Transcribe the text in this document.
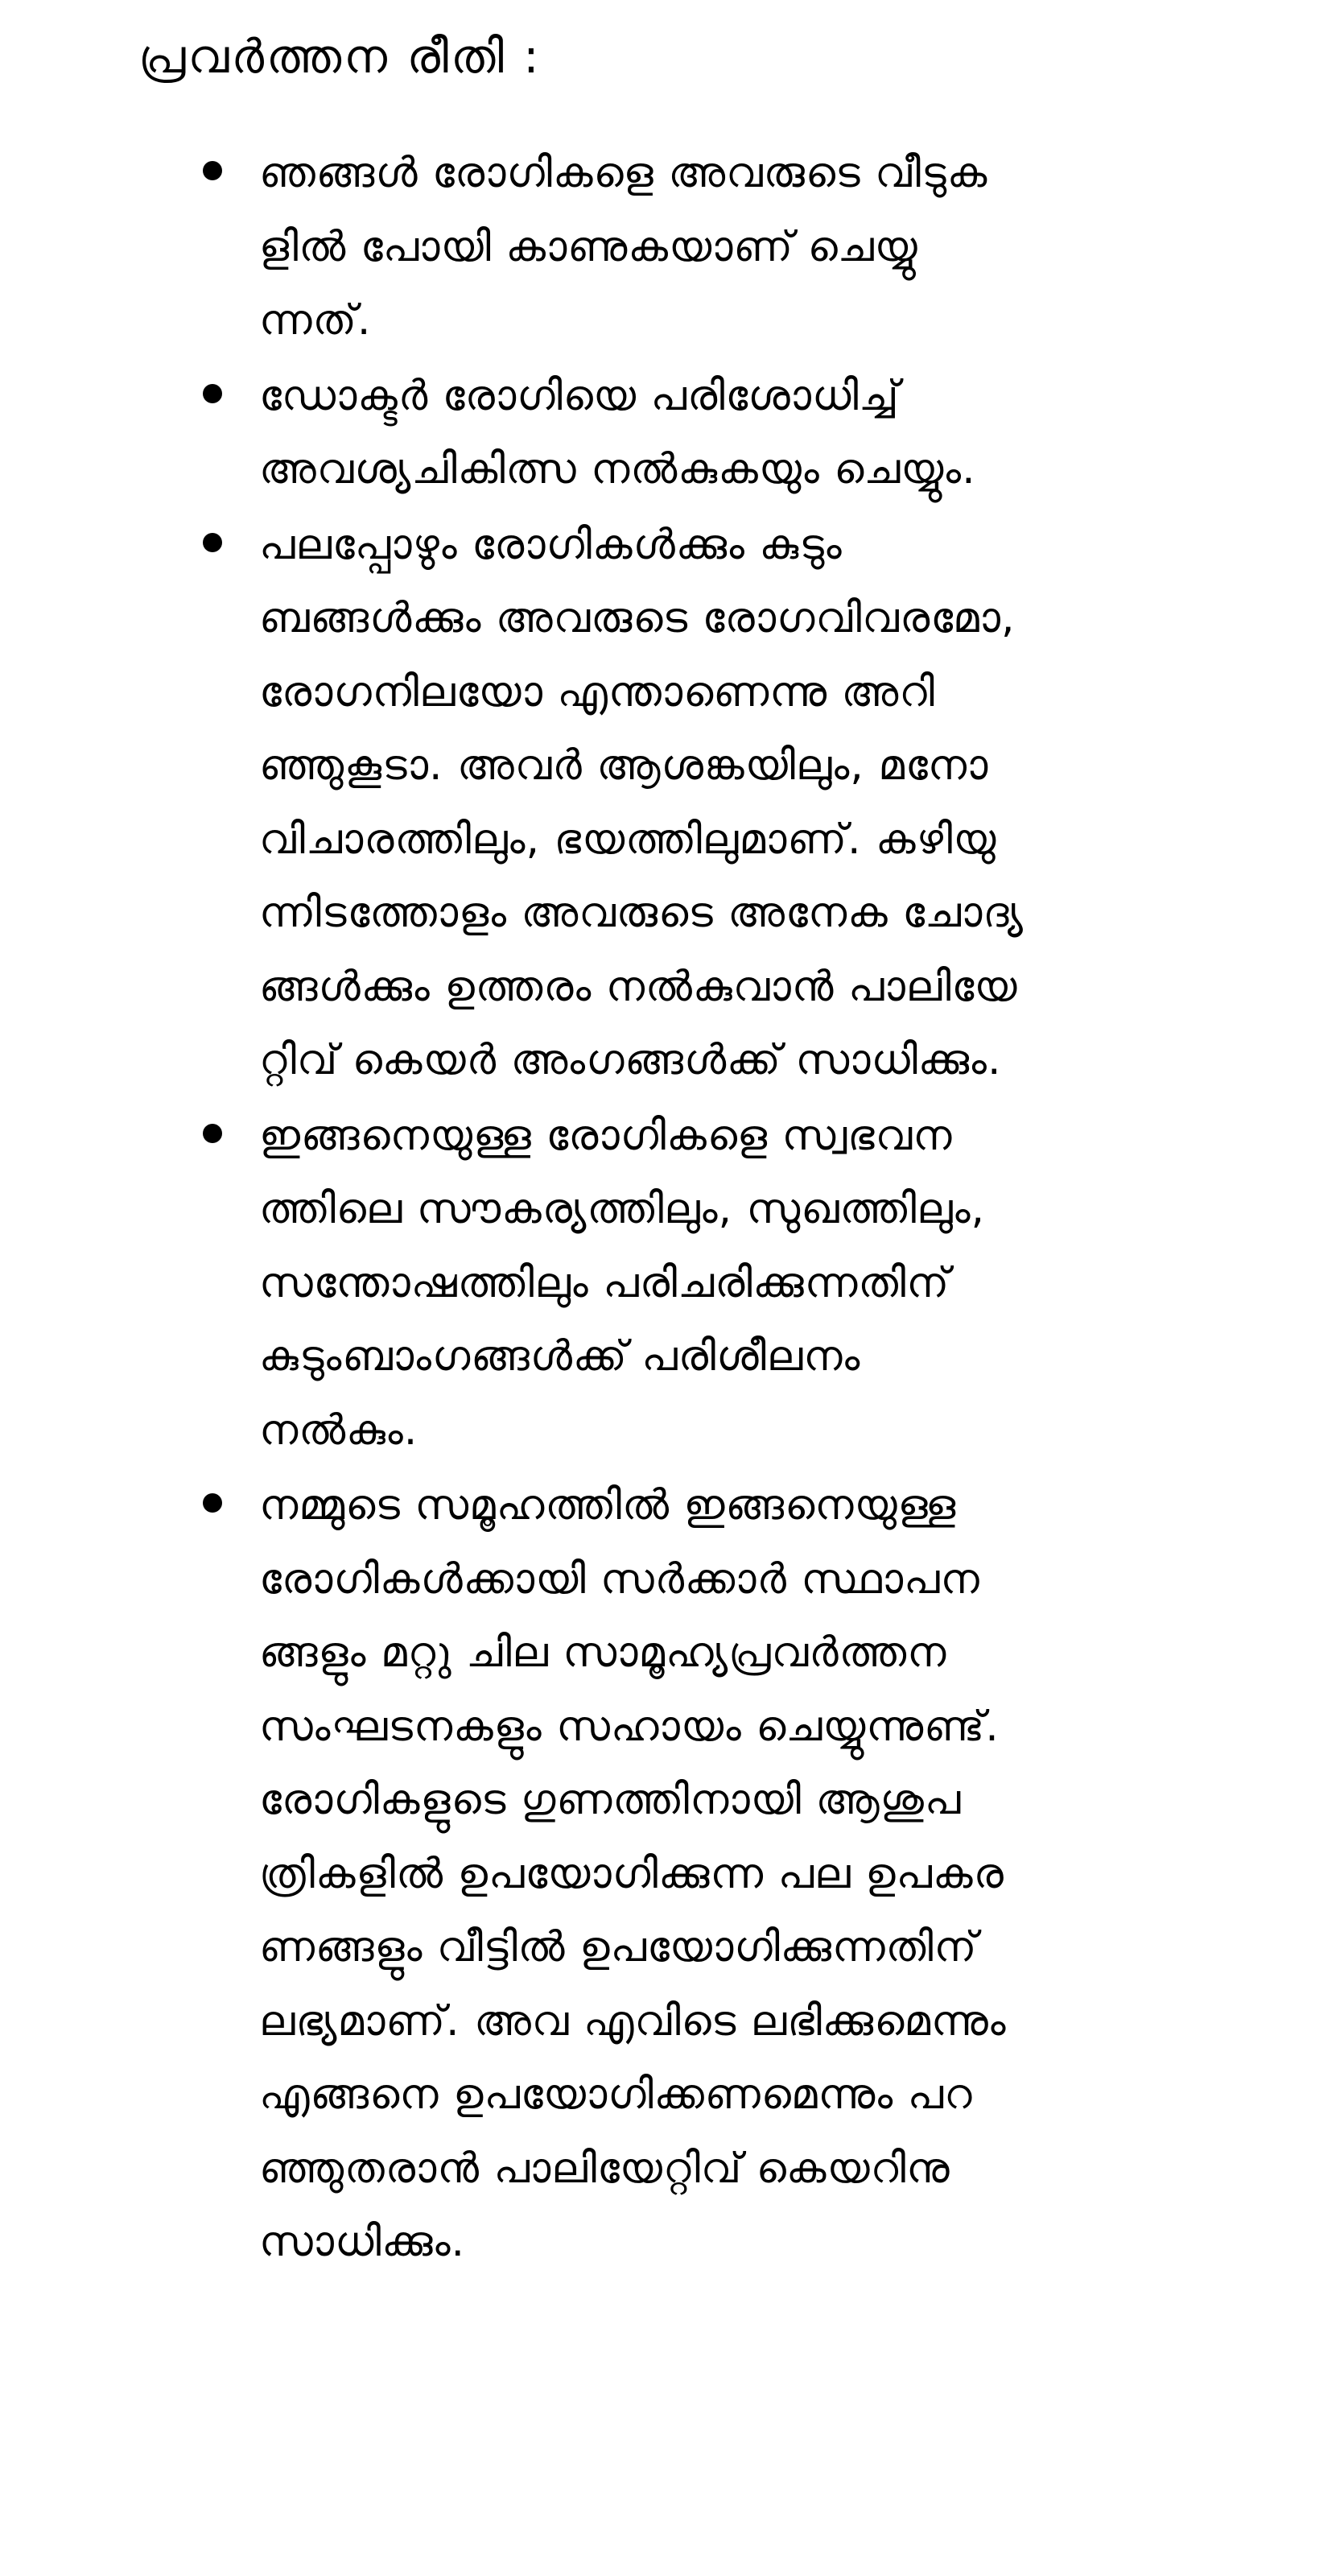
പ്രവർത്തന രീതി :
ഞങ്ങൾ രോഗികളെ അവരുടെ വീടുക
ളിൽ പോയി കാണുകയാണ് ചെയ്യു
ന്നത്.
ഡോക്ടർ രോഗിയെ പരിശോധിച്ച്
അവശ്യചികിത്സ നൽകുകയും ചെയ്യും.
പലപ്പോഴും രോഗികൾക്കും കുടും
ബങ്ങൾക്കും അവരുടെ രോഗവിവരമോ,
രോഗനിലയോ എന്താണെന്നു അറി
ഞ്ഞുകൂടാ. അവർ ആശങ്കയിലും, മനോ
വിചാരത്തിലും, ഭയത്തിലുമാണ്. കഴിയു
ന്നിടത്തോളം അവരുടെ അനേക ചോദ്യ
ങ്ങൾക്കും ഉത്തരം നൽകുവാൻ പാലിയേ
റ്റിവ് കെയർ അംഗങ്ങൾക്ക് സാധിക്കും.
ഇങ്ങനെയുള്ള രോഗികളെ സ്വഭവന
ത്തിലെ സൗകര്യത്തിലും, സുഖത്തിലും,
സന്തോഷത്തിലും പരിചരിക്കുന്നതിന്
കുടുംബാംഗങ്ങൾക്ക് പരിശീലനം
നൽകും.
നമ്മുടെ സമൂഹത്തിൽ ഇങ്ങനെയുള്ള
രോഗികൾക്കായി സർക്കാർ സ്ഥാപന
ങ്ങളും മറ്റു ചില സാമൂഹ്യപ്രവർത്തന
സംഘടനകളും സഹായം ചെയ്യുന്നുണ്ട്.
രോഗികളുടെ ഗുണത്തിനായി ആശുപ
ത്രികളിൽ ഉപയോഗിക്കുന്ന പല ഉപകര
ണങ്ങളും വീട്ടിൽ ഉപയോഗിക്കുന്നതിന്
ലഭ്യമാണ്. അവ എവിടെ ലഭിക്കുമെന്നും
എങ്ങനെ ഉപയോഗിക്കണമെന്നും പറ
ഞ്ഞുതരാൻ പാലിയേറ്റിവ് കെയറിനു
സാധിക്കും.
